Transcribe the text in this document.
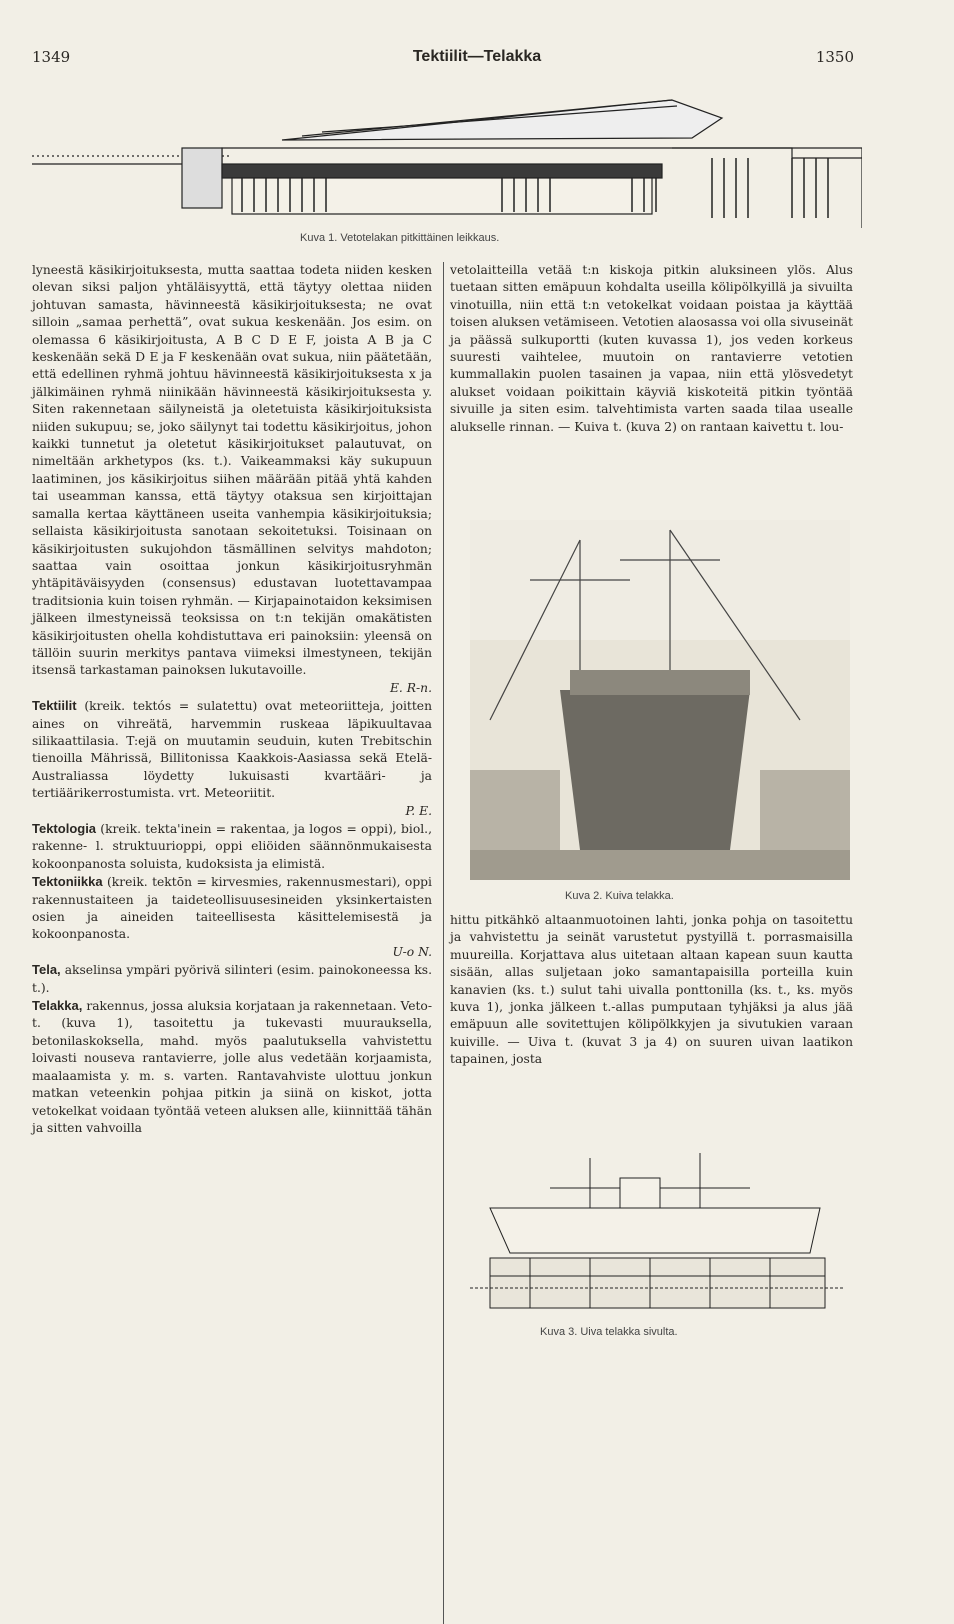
1349	Tektiilit—Telakka	1350
Kuva 1. Vetotelakan pitkittäinen leikkaus.
Kuva 2. Kuiva telakka.
Kuva 3. Uiva telakka sivulta.

lyneestä käsikirjoituksesta, mutta saattaa todeta niiden kesken olevan siksi paljon yhtäläisyyttä, että täytyy olettaa niiden johtuvan samasta, hävinneestä käsikirjoituksesta; ne ovat silloin „samaa perhettä”, ovat sukua keskenään. Jos esim. on olemassa 6 käsikirjoitusta, A B C D E F, joista A B ja C keskenään sekä D E ja F keskenään ovat sukua, niin päätetään, että edellinen ryhmä johtuu hävinneestä käsikirjoituksesta x ja jälkimäinen ryhmä niinikään hävinneestä käsikirjoituksesta y. Siten rakennetaan säilyneistä ja oletetuista käsikirjoituksista niiden sukupuu; se, joko säilynyt tai todettu käsikirjoitus, johon kaikki tunnetut ja oletetut käsikirjoitukset palautuvat, on nimeltään arkhetypos (ks. t.). Vaikeammaksi käy sukupuun laatiminen, jos käsikirjoitus siihen määrään pitää yhtä kahden tai useamman kanssa, että täytyy otaksua sen kirjoittajan samalla kertaa käyttäneen useita vanhempia käsikirjoituksia; sellaista käsikirjoitusta sanotaan sekoitetuksi. Toisinaan on käsikirjoitusten sukujohdon täsmällinen selvitys mahdoton; saattaa vain osoittaa jonkun käsikirjoitusryhmän yhtäpitäväisyyden (consensus) edustavan luotettavampaa traditsionia kuin toisen ryhmän. — Kirjapainotaidon keksimisen jälkeen ilmestyneissä teoksissa on t:n tekijän omakätisten käsikirjoitusten ohella kohdistuttava eri painoksiin: yleensä on tällöin suurin merkitys pantava viimeksi ilmestyneen, tekijän itsensä tarkastaman painoksen lukutavoille.

E. R-n.

Tektiilit (kreik. tektós = sulatettu) ovat meteoriitteja, joitten aines on vihreätä, harvemmin ruskeaa läpikuultavaa silikaattilasia. T:ejä on muutamin seuduin, kuten Trebitschin tienoilla Mährissä, Billitonissa Kaakkois-Aasiassa sekä Etelä-Australiassa löydetty lukuisasti kvartääri- ja tertiäärikerrostumista. vrt. Meteoriitit.

P. E.

Tektologia (kreik. tekta'inein = rakentaa, ja logos = oppi), biol., rakenne- l. struktuurioppi, oppi eliöiden säännönmukaisesta kokoonpanosta soluista, kudoksista ja elimistä.

Tektoniikka (kreik. tektōn = kirvesmies, rakennusmestari), oppi rakennustaiteen ja taideteollisuusesineiden yksinkertaisten osien ja aineiden taiteellisesta käsittelemisestä ja kokoonpanosta.

U-o N.

Tela, akselinsa ympäri pyörivä silinteri (esim. painokoneessa ks. t.).

Telakka, rakennus, jossa aluksia korjataan ja rakennetaan. Veto-t. (kuva 1), tasoitettu ja tukevasti muurauksella, betonilaskoksella, mahd. myös paalutuksella vahvistettu loivasti nouseva rantavierre, jolle alus vedetään korjaamista, maalaamista y. m. s. varten. Rantavahviste ulottuu jonkun matkan veteenkin pohjaa pitkin ja siinä on kiskot, jotta vetokelkat voidaan työntää veteen aluksen alle, kiinnittää tähän ja sitten vahvoilla

vetolaitteilla vetää t:n kiskoja pitkin aluksineen ylös. Alus tuetaan sitten emäpuun kohdalta useilla kölipölkyillä ja sivuilta vinotuilla, niin että t:n vetokelkat voidaan poistaa ja käyttää toisen aluksen vetämiseen. Vetotien alaosassa voi olla sivuseinät ja päässä sulkuportti (kuten kuvassa 1), jos veden korkeus suuresti vaihtelee, muutoin on rantavierre vetotien kummallakin puolen tasainen ja vapaa, niin että ylösvedetyt alukset voidaan poikittain käyviä kiskoteitä pitkin työntää sivuille ja siten esim. talvehtimista varten saada tilaa usealle alukselle rinnan. — Kuiva t. (kuva 2) on rantaan kaivettu t. lou-

hittu pitkähkö altaanmuotoinen lahti, jonka pohja on tasoitettu ja vahvistettu ja seinät varustetut pystyillä t. porrasmaisilla muureilla. Korjattava alus uitetaan altaan kapean suun kautta sisään, allas suljetaan joko samantapaisilla porteilla kuin kanavien (ks. t.) sulut tahi uivalla ponttonilla (ks. t., ks. myös kuva 1), jonka jälkeen t.-allas pumputaan tyhjäksi ja alus jää emäpuun alle sovitettujen kölipölkkyjen ja sivutukien varaan kuiville. — Uiva t. (kuvat 3 ja 4) on suuren uivan laatikon tapainen, josta
